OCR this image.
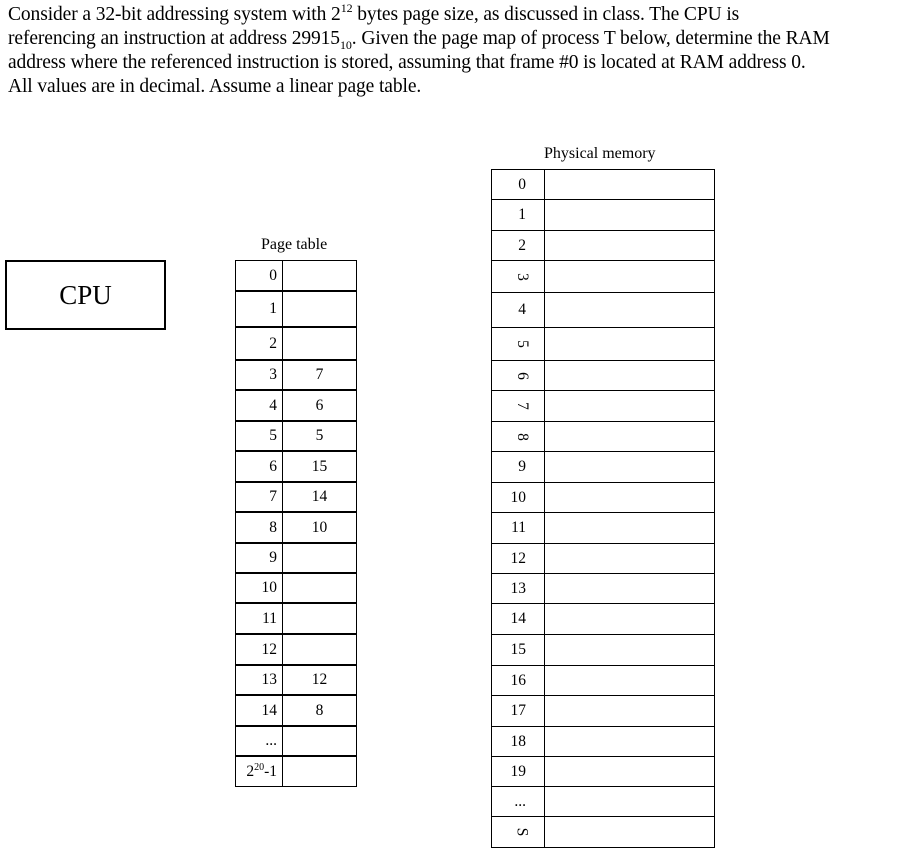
Consider a 32-bit addressing system with $2^{12}$ bytes page size, as discussed in class. The CPU is
referencing an instruction at address $29915_{10}$. Given the page map of process T below, determine the RAM
address where the referenced instruction is stored, assuming that frame #0 is located at RAM address 0.
All values are in decimal. Assume a linear page table.
CPU
Page table
0
1
2
3	7
4	6
5	5
6	15
7	14
8	10
9
10
11
12
13	12
14	8
...
$2^{20}-1$
Physical memory
0
1
2
3
4
5
6
7
8
9
10
11
12
13
14
15
16
17
18
19
...
S
